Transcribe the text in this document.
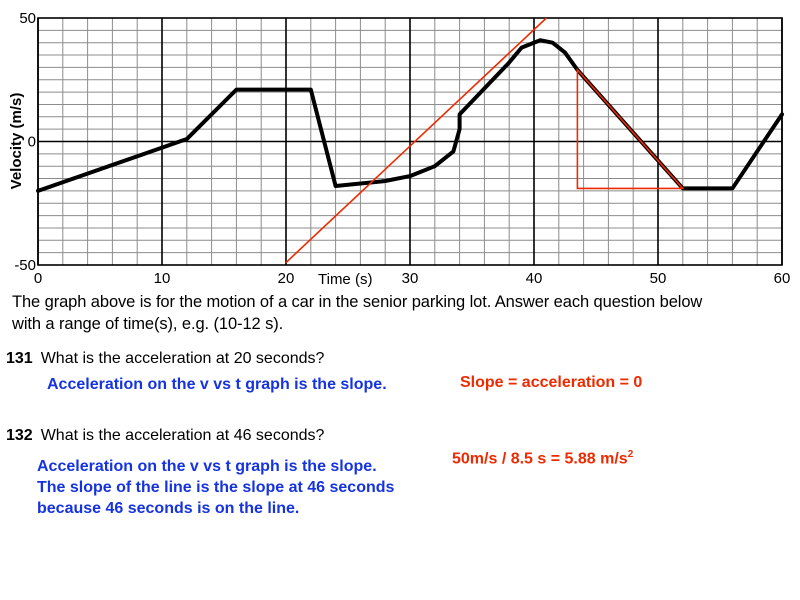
0	10	20	30	40	50	60
50
0
-50
Velocity (m/s)
Time (s)
The graph above is for the motion of a car in the senior parking lot. Answer each question below
with a range of time(s), e.g. (10-12 s).
131 What is the acceleration at 20 seconds?
Acceleration on the v vs t graph is the slope.	Slope = acceleration = 0
132 What is the acceleration at 46 seconds?
Acceleration on the v vs t graph is the slope.
The slope of the line is the slope at 46 seconds
because 46 seconds is on the line.
50m/s / 8.5 s = 5.88 $m/s^2$
